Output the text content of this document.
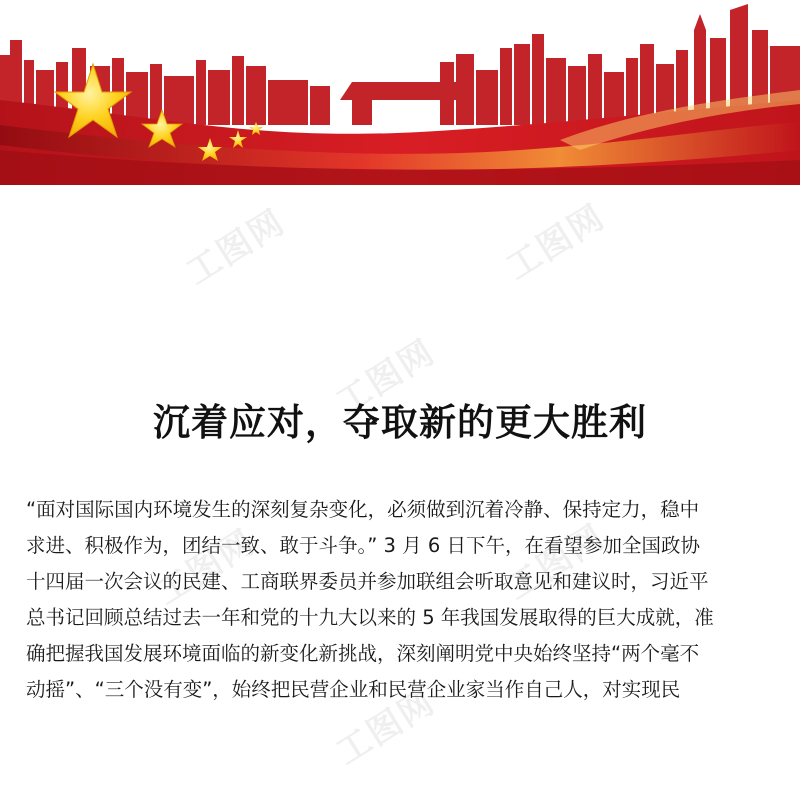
工图网	工图网
工图网
工图网	工图网
工图网
沉着应对，夺取新的更大胜利
“面对国际国内环境发生的深刻复杂变化，必须做到沉着冷静、保持定力，稳中
求进、积极作为，团结一致、敢于斗争。” 3 月 6 日下午，在看望参加全国政协
十四届一次会议的民建、工商联界委员并参加联组会听取意见和建议时，习近平
总书记回顾总结过去一年和党的十九大以来的 5 年我国发展取得的巨大成就，准
确把握我国发展环境面临的新变化新挑战，深刻阐明党中央始终坚持“两个毫不
动摇”、“三个没有变”，始终把民营企业和民营企业家当作自己人，对实现民
